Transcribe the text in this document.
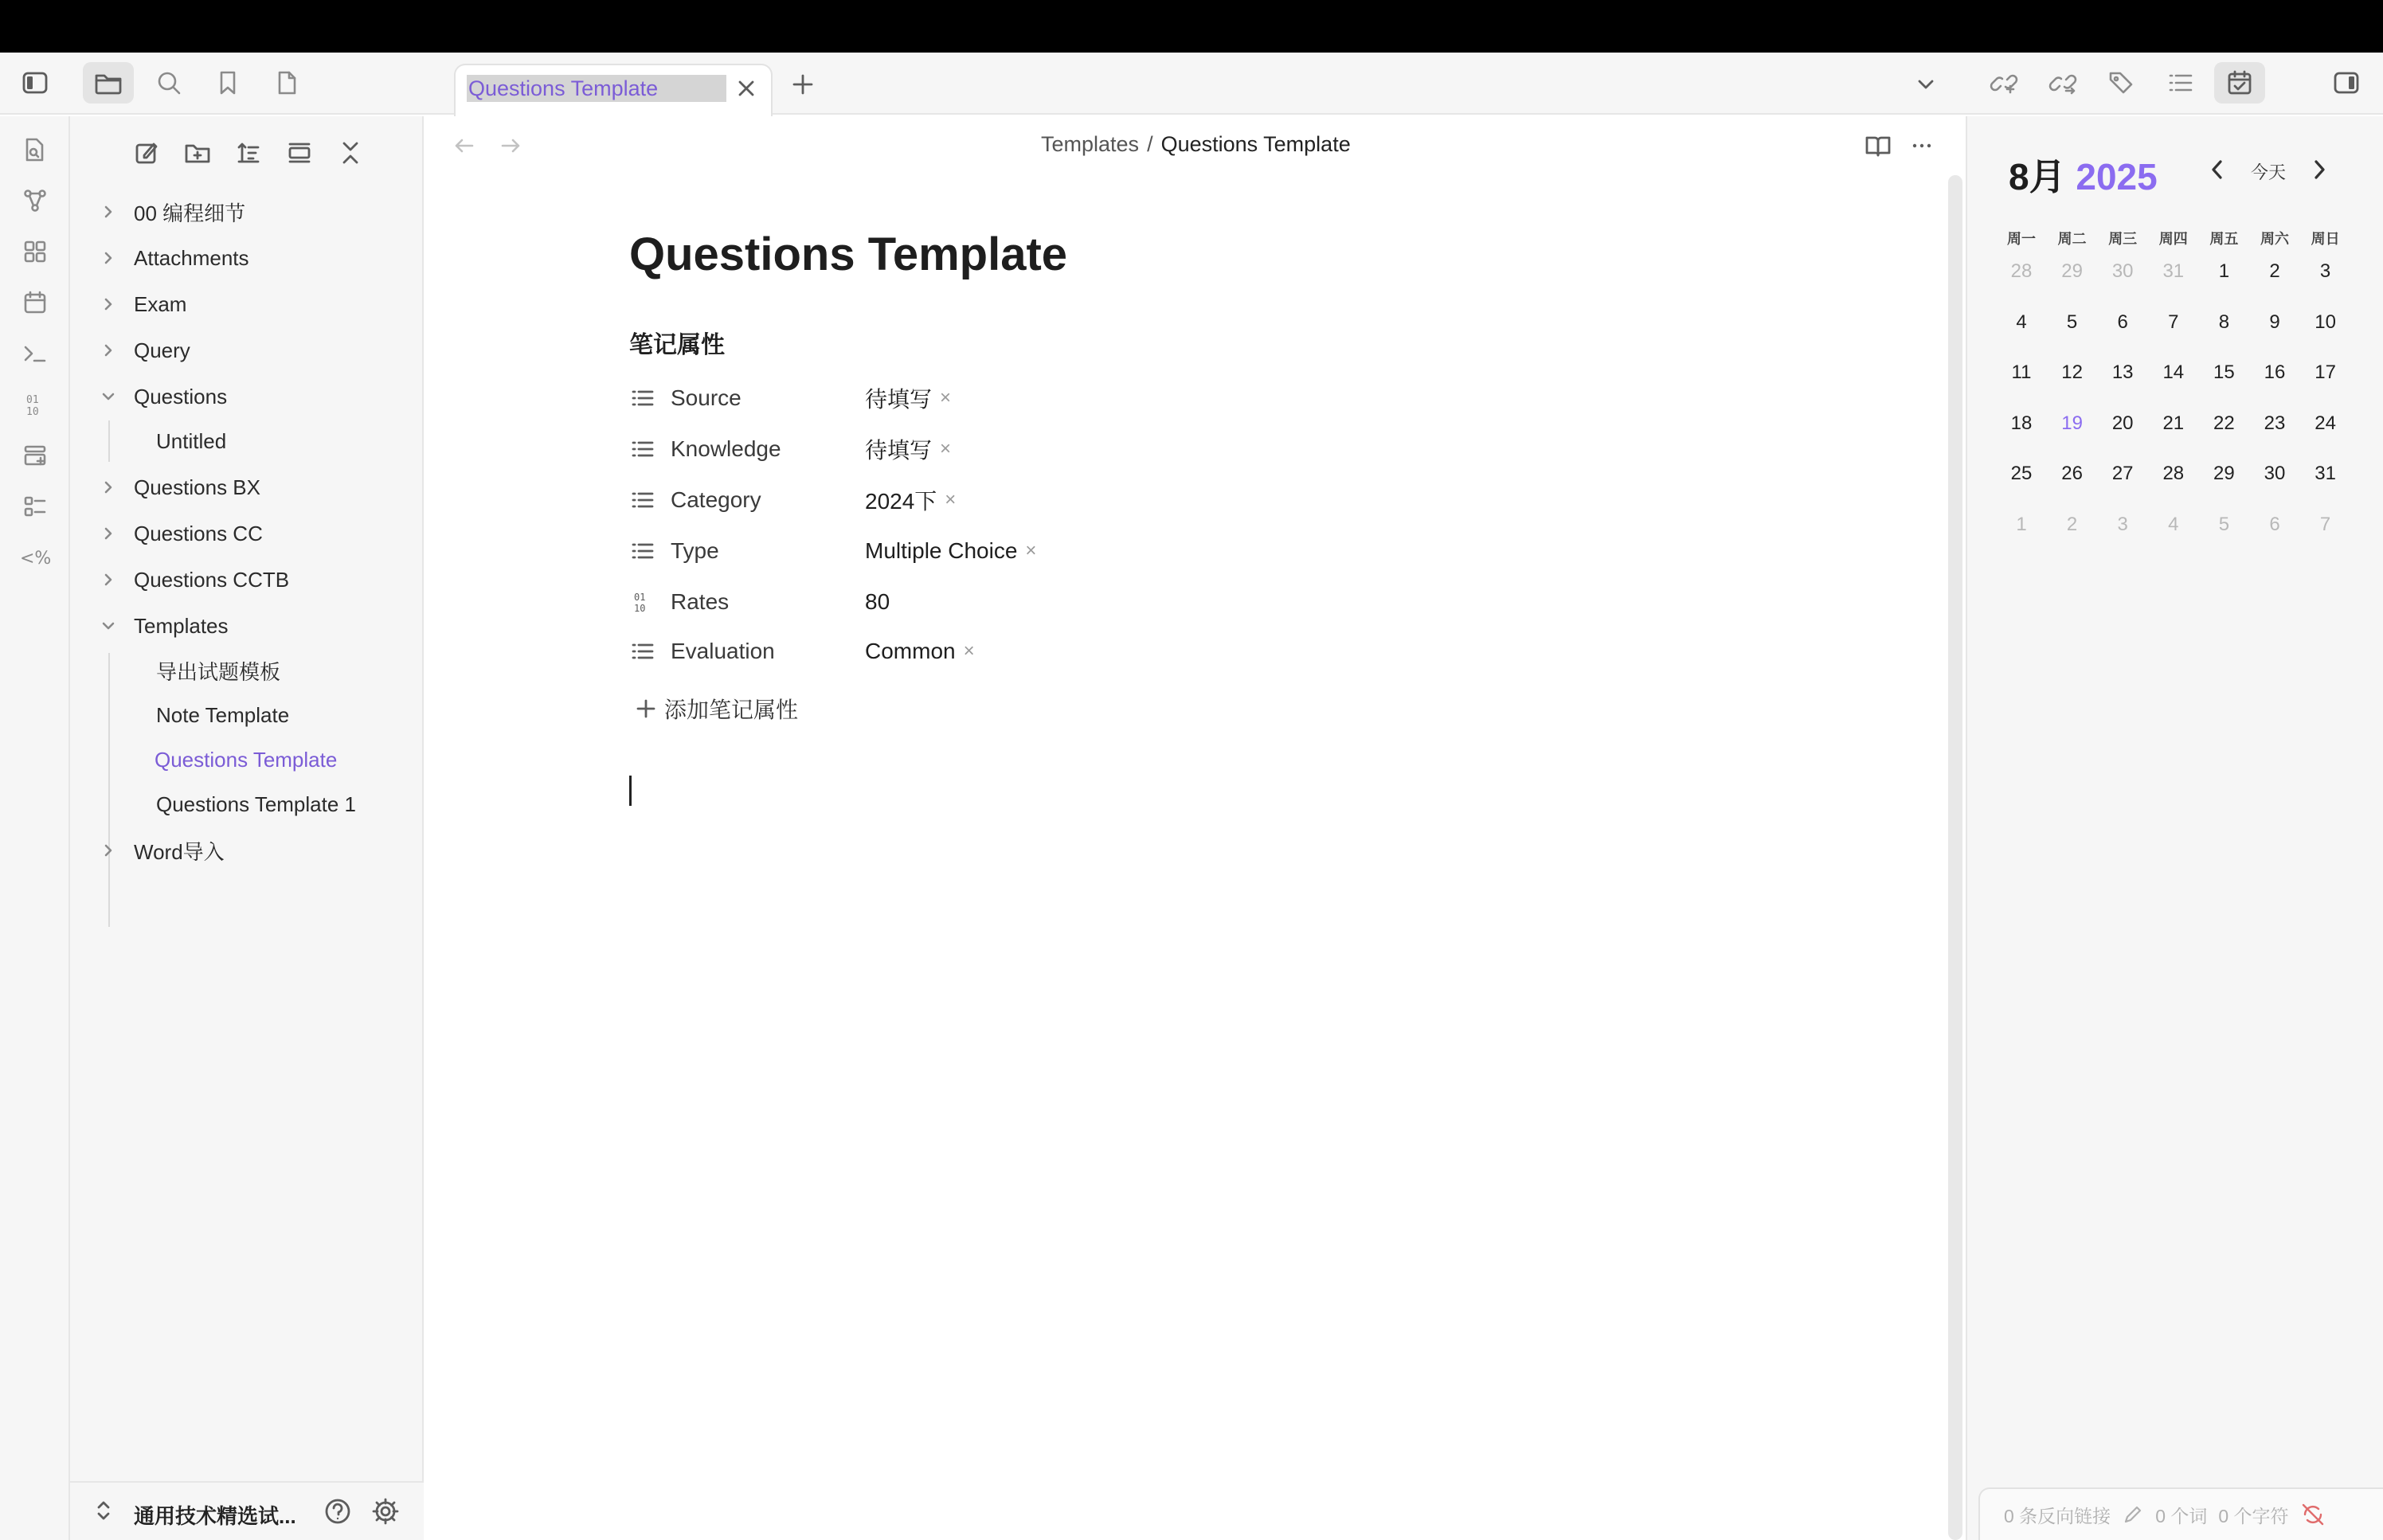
Questions Template
01
10
<%
00 编程细节
Attachments
Exam
Query
Questions
Untitled
Questions BX
Questions CC
Questions CCTB
Templates
导出试题模板
Note Template
Questions Template
Questions Template 1
Word导入
通用技术精选试...
Templates / Questions Template
Questions Template
笔记属性
Source	待填写 ×
Knowledge	待填写 ×
Category	2024下 ×
Type	Multiple Choice ×
01
10 Rates	80
Evaluation	Common ×
添加笔记属性
8月 2025	今天
周一	周二	周三	周四	周五	周六	周日
28	29	30	31	1	2	3
4	5	6	7	8	9	10
11	12	13	14	15	16	17
18	19	20	21	22	23	24
25	26	27	28	29	30	31
1	2	3	4	5	6	7
0 条反向链接 0 个词 0 个字符
